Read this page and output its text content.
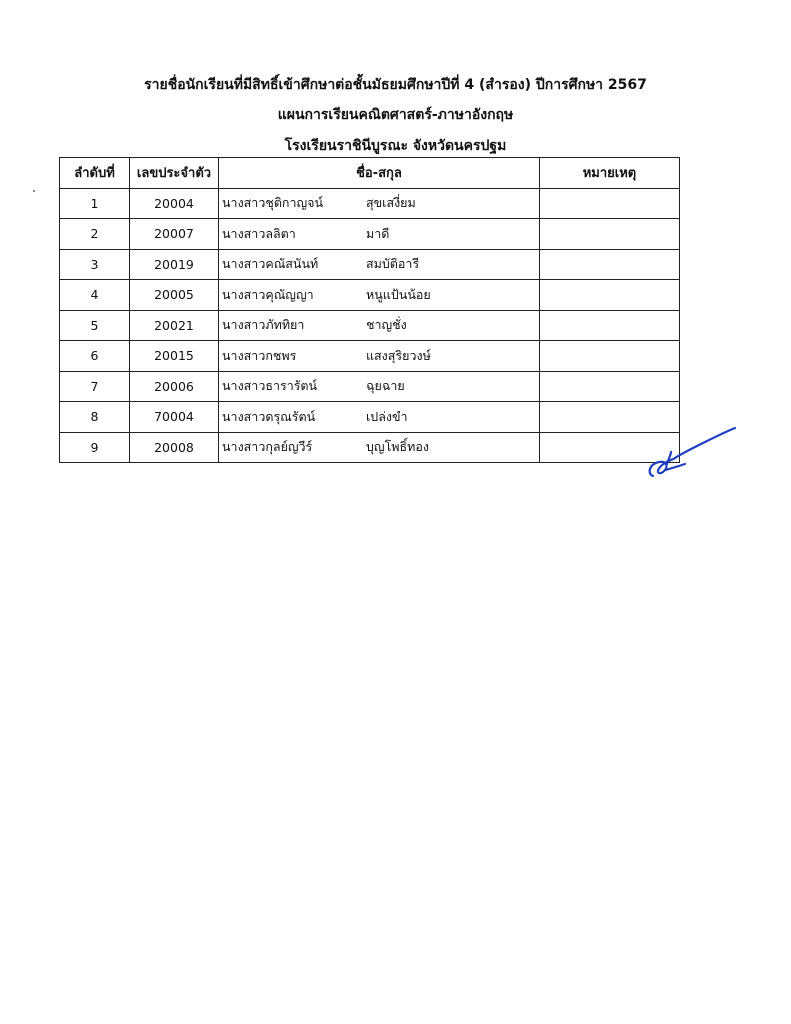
รายชื่อนักเรียนที่มีสิทธิ์เข้าศึกษาต่อชั้นมัธยมศึกษาปีที่ 4 (สำรอง) ปีการศึกษา 2567
แผนการเรียนคณิตศาสตร์-ภาษาอังกฤษ
โรงเรียนราชินีบูรณะ จังหวัดนครปฐม
ลำดับที่	เลขประจำตัว	ชื่อ-สกุล	หมายเหตุ
1	20004	นางสาวชุติกาญจน์ สุขเสงี่ยม	

2	20007	นางสาวลลิตา มาดี	

3	20019	นางสาวคณัสนันท์ สมบัติอารี	

4	20005	นางสาวคุณัญญา หนูแป้นน้อย	

5	20021	นางสาวภัททิยา ชาญชั่ง	

6	20015	นางสาวกชพร แสงสุริยวงษ์	

7	20006	นางสาวธารารัตน์ ฉุยฉาย	

8	70004	นางสาวดรุณรัตน์ เปล่งขำ	

9	20008	นางสาวกุลย์ญวีร์ บุญโพธิ์ทอง	
